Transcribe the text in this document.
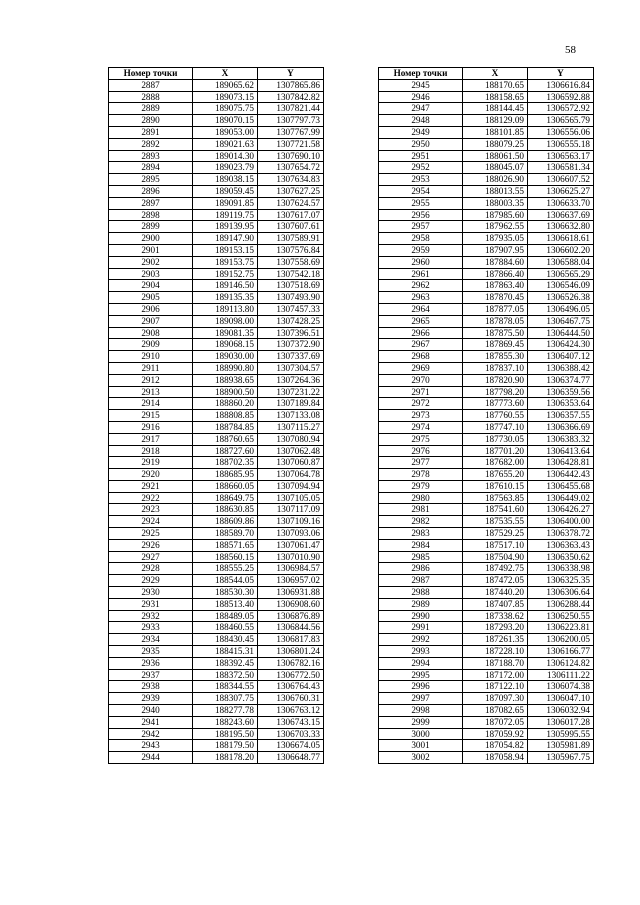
58
Номер точки	X	Y
2887	189065.62	1307865.86
2888	189073.15	1307842.82
2889	189075.75	1307821.44
2890	189070.15	1307797.73
2891	189053.00	1307767.99
2892	189021.63	1307721.58
2893	189014.30	1307690.10
2894	189023.79	1307654.72
2895	189038.15	1307634.83
2896	189059.45	1307627.25
2897	189091.85	1307624.57
2898	189119.75	1307617.07
2899	189139.95	1307607.61
2900	189147.90	1307589.91
2901	189153.15	1307576.84
2902	189153.75	1307558.69
2903	189152.75	1307542.18
2904	189146.50	1307518.69
2905	189135.35	1307493.90
2906	189113.80	1307457.33
2907	189098.00	1307428.25
2908	189081.35	1307396.51
2909	189068.15	1307372.90
2910	189030.00	1307337.69
2911	188990.80	1307304.57
2912	188938.65	1307264.36
2913	188900.50	1307231.22
2914	188860.20	1307189.84
2915	188808.85	1307133.08
2916	188784.85	1307115.27
2917	188760.65	1307080.94
2918	188727.60	1307062.48
2919	188702.35	1307060.87
2920	188685.95	1307064.78
2921	188660.05	1307094.94
2922	188649.75	1307105.05
2923	188630.85	1307117.09
2924	188609.86	1307109.16
2925	188589.70	1307093.06
2926	188571.65	1307061.47
2927	188560.15	1307010.90
2928	188555.25	1306984.57
2929	188544.05	1306957.02
2930	188530.30	1306931.88
2931	188513.40	1306908.60
2932	188489.05	1306876.89
2933	188460.55	1306844.56
2934	188430.45	1306817.83
2935	188415.31	1306801.24
2936	188392.45	1306782.16
2937	188372.50	1306772.50
2938	188344.55	1306764.43
2939	188307.75	1306760.31
2940	188277.78	1306763.12
2941	188243.60	1306743.15
2942	188195.50	1306703.33
2943	188179.50	1306674.05
2944	188178.20	1306648.77
Номер точки	X	Y
2945	188170.65	1306616.84
2946	188158.65	1306592.88
2947	188144.45	1306572.92
2948	188129.09	1306565.79
2949	188101.85	1306556.06
2950	188079.25	1306555.18
2951	188061.50	1306563.17
2952	188045.07	1306581.34
2953	188026.90	1306607.52
2954	188013.55	1306625.27
2955	188003.35	1306633.70
2956	187985.60	1306637.69
2957	187962.55	1306632.80
2958	187935.05	1306618.61
2959	187907.95	1306602.20
2960	187884.60	1306588.04
2961	187866.40	1306565.29
2962	187863.40	1306546.09
2963	187870.45	1306526.38
2964	187877.05	1306496.05
2965	187878.05	1306467.75
2966	187875.50	1306444.50
2967	187869.45	1306424.30
2968	187855.30	1306407.12
2969	187837.10	1306388.42
2970	187820.90	1306374.77
2971	187798.20	1306359.56
2972	187773.60	1306353.64
2973	187760.55	1306357.55
2974	187747.10	1306366.69
2975	187730.05	1306383.32
2976	187701.20	1306413.64
2977	187682.00	1306428.81
2978	187655.20	1306442.43
2979	187610.15	1306455.68
2980	187563.85	1306449.02
2981	187541.60	1306426.27
2982	187535.55	1306400.00
2983	187529.25	1306378.72
2984	187517.10	1306363.43
2985	187504.90	1306350.62
2986	187492.75	1306338.98
2987	187472.05	1306325.35
2988	187440.20	1306306.64
2989	187407.85	1306288.44
2990	187338.62	1306250.55
2991	187293.20	1306223.81
2992	187261.35	1306200.05
2993	187228.10	1306166.77
2994	187188.70	1306124.82
2995	187172.00	1306111.22
2996	187122.10	1306074.38
2997	187097.30	1306047.10
2998	187082.65	1306032.94
2999	187072.05	1306017.28
3000	187059.92	1305995.55
3001	187054.82	1305981.89
3002	187058.94	1305967.75
